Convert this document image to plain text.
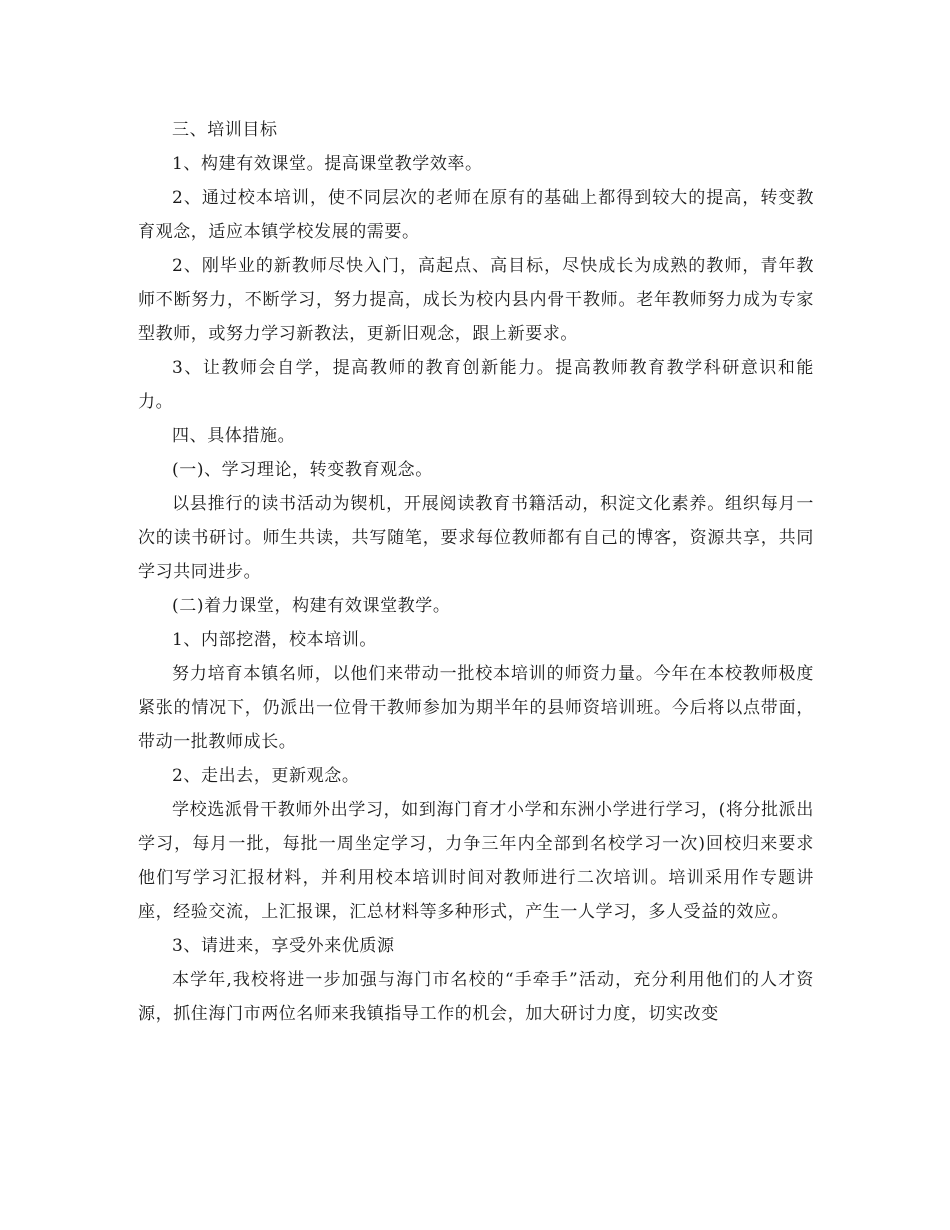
三、培训目标

1、构建有效课堂。提高课堂教学效率。

2、通过校本培训，使不同层次的老师在原有的基础上都得到较大的提高，转变教育观念，适应本镇学校发展的需要。

2、刚毕业的新教师尽快入门，高起点、高目标，尽快成长为成熟的教师，青年教师不断努力，不断学习，努力提高，成长为校内县内骨干教师。老年教师努力成为专家型教师，或努力学习新教法，更新旧观念，跟上新要求。

3、让教师会自学，提高教师的教育创新能力。提高教师教育教学科研意识和能力。

四、具体措施。

(一)、学习理论，转变教育观念。

以县推行的读书活动为锲机，开展阅读教育书籍活动，积淀文化素养。组织每月一次的读书研讨。师生共读，共写随笔，要求每位教师都有自己的博客，资源共享，共同学习共同进步。

(二)着力课堂，构建有效课堂教学。

1、内部挖潜，校本培训。

努力培育本镇名师，以他们来带动一批校本培训的师资力量。今年在本校教师极度紧张的情况下，仍派出一位骨干教师参加为期半年的县师资培训班。今后将以点带面，带动一批教师成长。

2、走出去，更新观念。

学校选派骨干教师外出学习，如到海门育才小学和东洲小学进行学习，(将分批派出学习，每月一批，每批一周坐定学习，力争三年内全部到名校学习一次)回校归来要求他们写学习汇报材料，并利用校本培训时间对教师进行二次培训。培训采用作专题讲座，经验交流，上汇报课，汇总材料等多种形式，产生一人学习，多人受益的效应。

3、请进来，享受外来优质源

本学年,我校将进一步加强与海门市名校的“手牵手”活动，充分利用他们的人才资源，抓住海门市两位名师来我镇指导工作的机会，加大研讨力度，切实改变
